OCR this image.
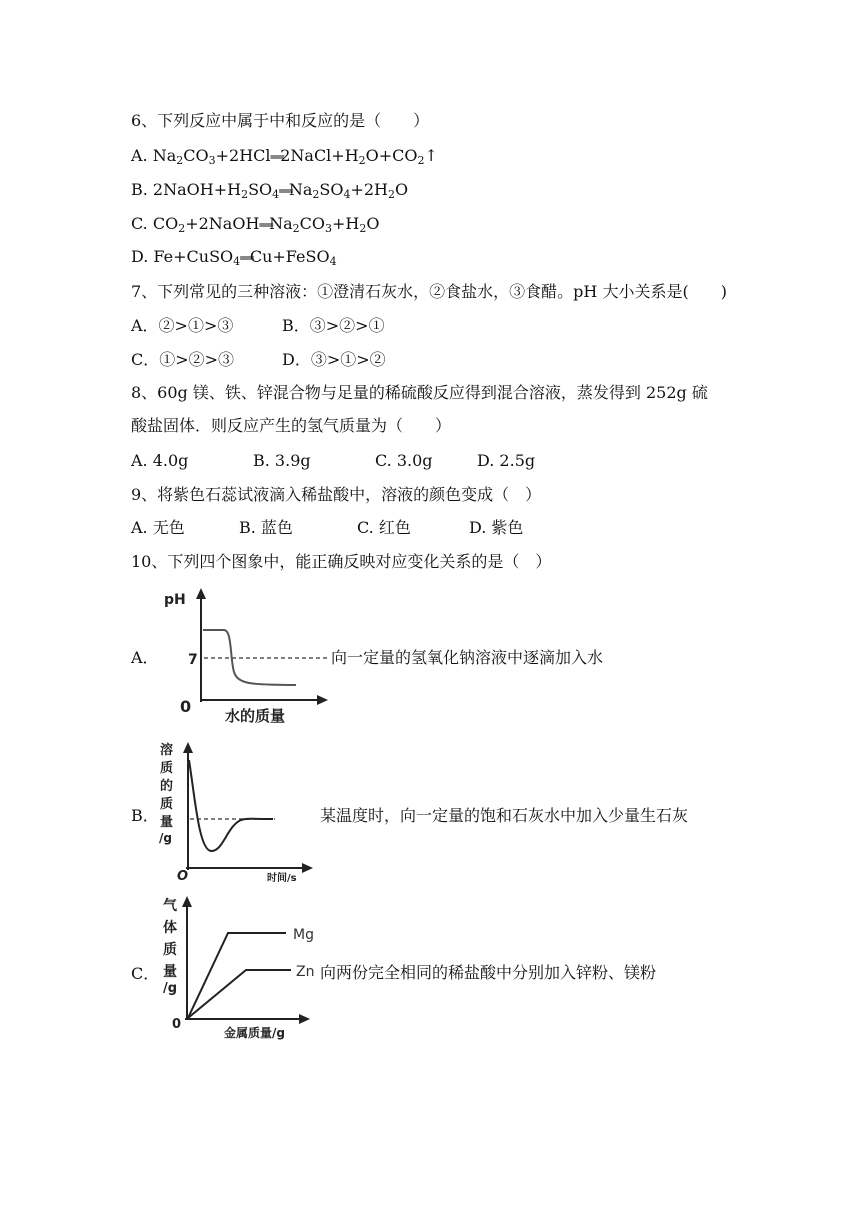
6、下列反应中属于中和反应的是（　　）
A. $Na_2CO_3+2HCl═══2NaCl+H_2O+CO_2↑$
B. $2NaOH+H_2SO_4═══Na_2SO_4+2H_2O$
C. $CO_2+2NaOH═══Na_2CO_3+H_2O$
D. Fe+CuSO$_4$═══Cu+FeSO$_4$
7、下列常见的三种溶液：①澄清石灰水，②食盐水，③食醋。pH 大小关系是(　　)
A．②>①>③	B．③>②>①
C．①>②>③	D．③>①>②
8、60g 镁、铁、锌混合物与足量的稀硫酸反应得到混合溶液，蒸发得到 252g 硫
酸盐固体．则反应产生的氢气质量为（　　）
A. 4.0g	B. 3.9g	C. 3.0g	D. 2.5g
9、将紫色石蕊试液滴入稀盐酸中，溶液的颜色变成（　）
A. 无色	B. 蓝色	C. 红色	D. 紫色
10、下列四个图象中，能正确反映对应变化关系的是（　）
A．
pH
7
0 水的质量
向一定量的氢氧化钠溶液中逐滴加入水
B．
溶
质
的
质
量
/g
O	时间/s
某温度时，向一定量的饱和石灰水中加入少量生石灰
C．
气
体
质
量
/g
0
金属质量/g
Mg
Zn 向两份完全相同的稀盐酸中分别加入锌粉、镁粉
